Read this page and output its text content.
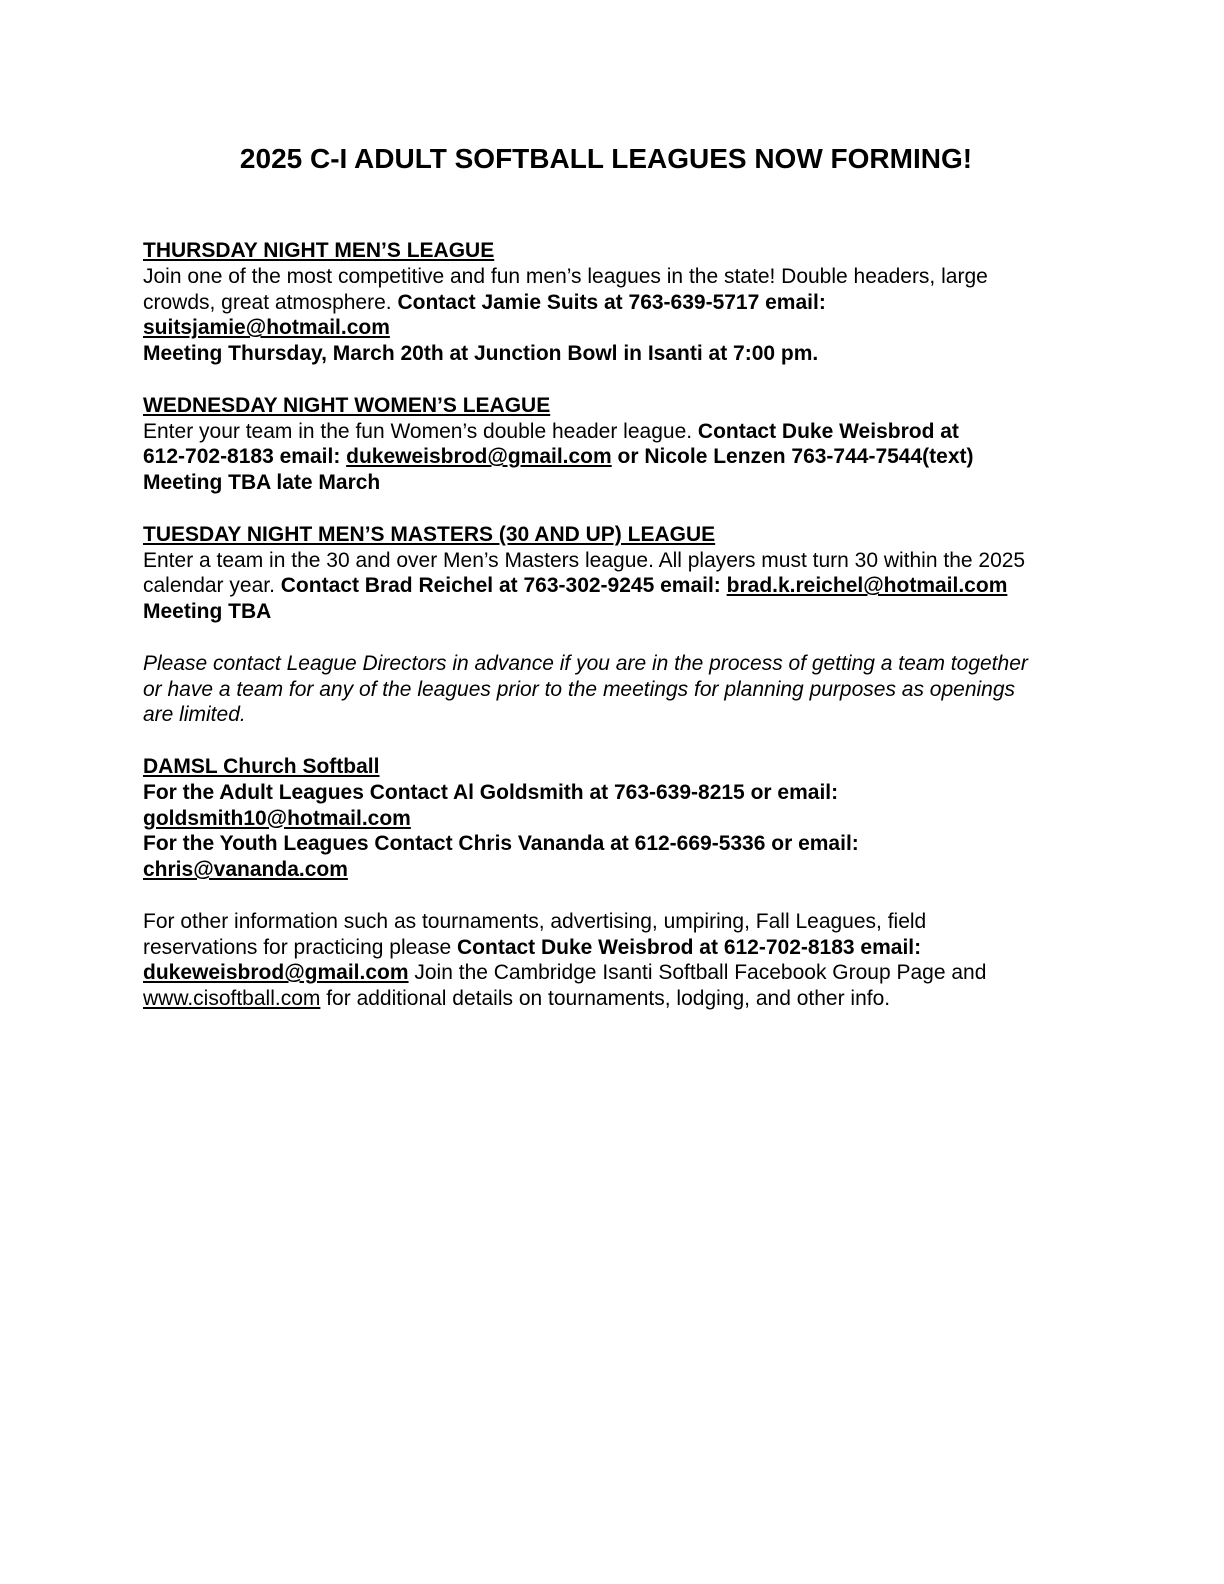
2025 C-I ADULT SOFTBALL LEAGUES NOW FORMING!
THURSDAY NIGHT MEN’S LEAGUE
Join one of the most competitive and fun men’s leagues in the state! Double headers, large
crowds, great atmosphere. Contact Jamie Suits at 763-639-5717 email:
suitsjamie@hotmail.com
Meeting Thursday, March 20th at Junction Bowl in Isanti at 7:00 pm.
WEDNESDAY NIGHT WOMEN’S LEAGUE
Enter your team in the fun Women’s double header league. Contact Duke Weisbrod at
612-702-8183 email: dukeweisbrod@gmail.com or Nicole Lenzen 763-744-7544(text)
Meeting TBA late March
TUESDAY NIGHT MEN’S MASTERS (30 AND UP) LEAGUE
Enter a team in the 30 and over Men’s Masters league. All players must turn 30 within the 2025
calendar year. Contact Brad Reichel at 763-302-9245 email: brad.k.reichel@hotmail.com
Meeting TBA
Please contact League Directors in advance if you are in the process of getting a team together
or have a team for any of the leagues prior to the meetings for planning purposes as openings
are limited.
DAMSL Church Softball
For the Adult Leagues Contact Al Goldsmith at 763-639-8215 or email:
goldsmith10@hotmail.com
For the Youth Leagues Contact Chris Vananda at 612-669-5336 or email:
chris@vananda.com
For other information such as tournaments, advertising, umpiring, Fall Leagues, field
reservations for practicing please Contact Duke Weisbrod at 612-702-8183 email:
dukeweisbrod@gmail.com Join the Cambridge Isanti Softball Facebook Group Page and
www.cisoftball.com for additional details on tournaments, lodging, and other info.
